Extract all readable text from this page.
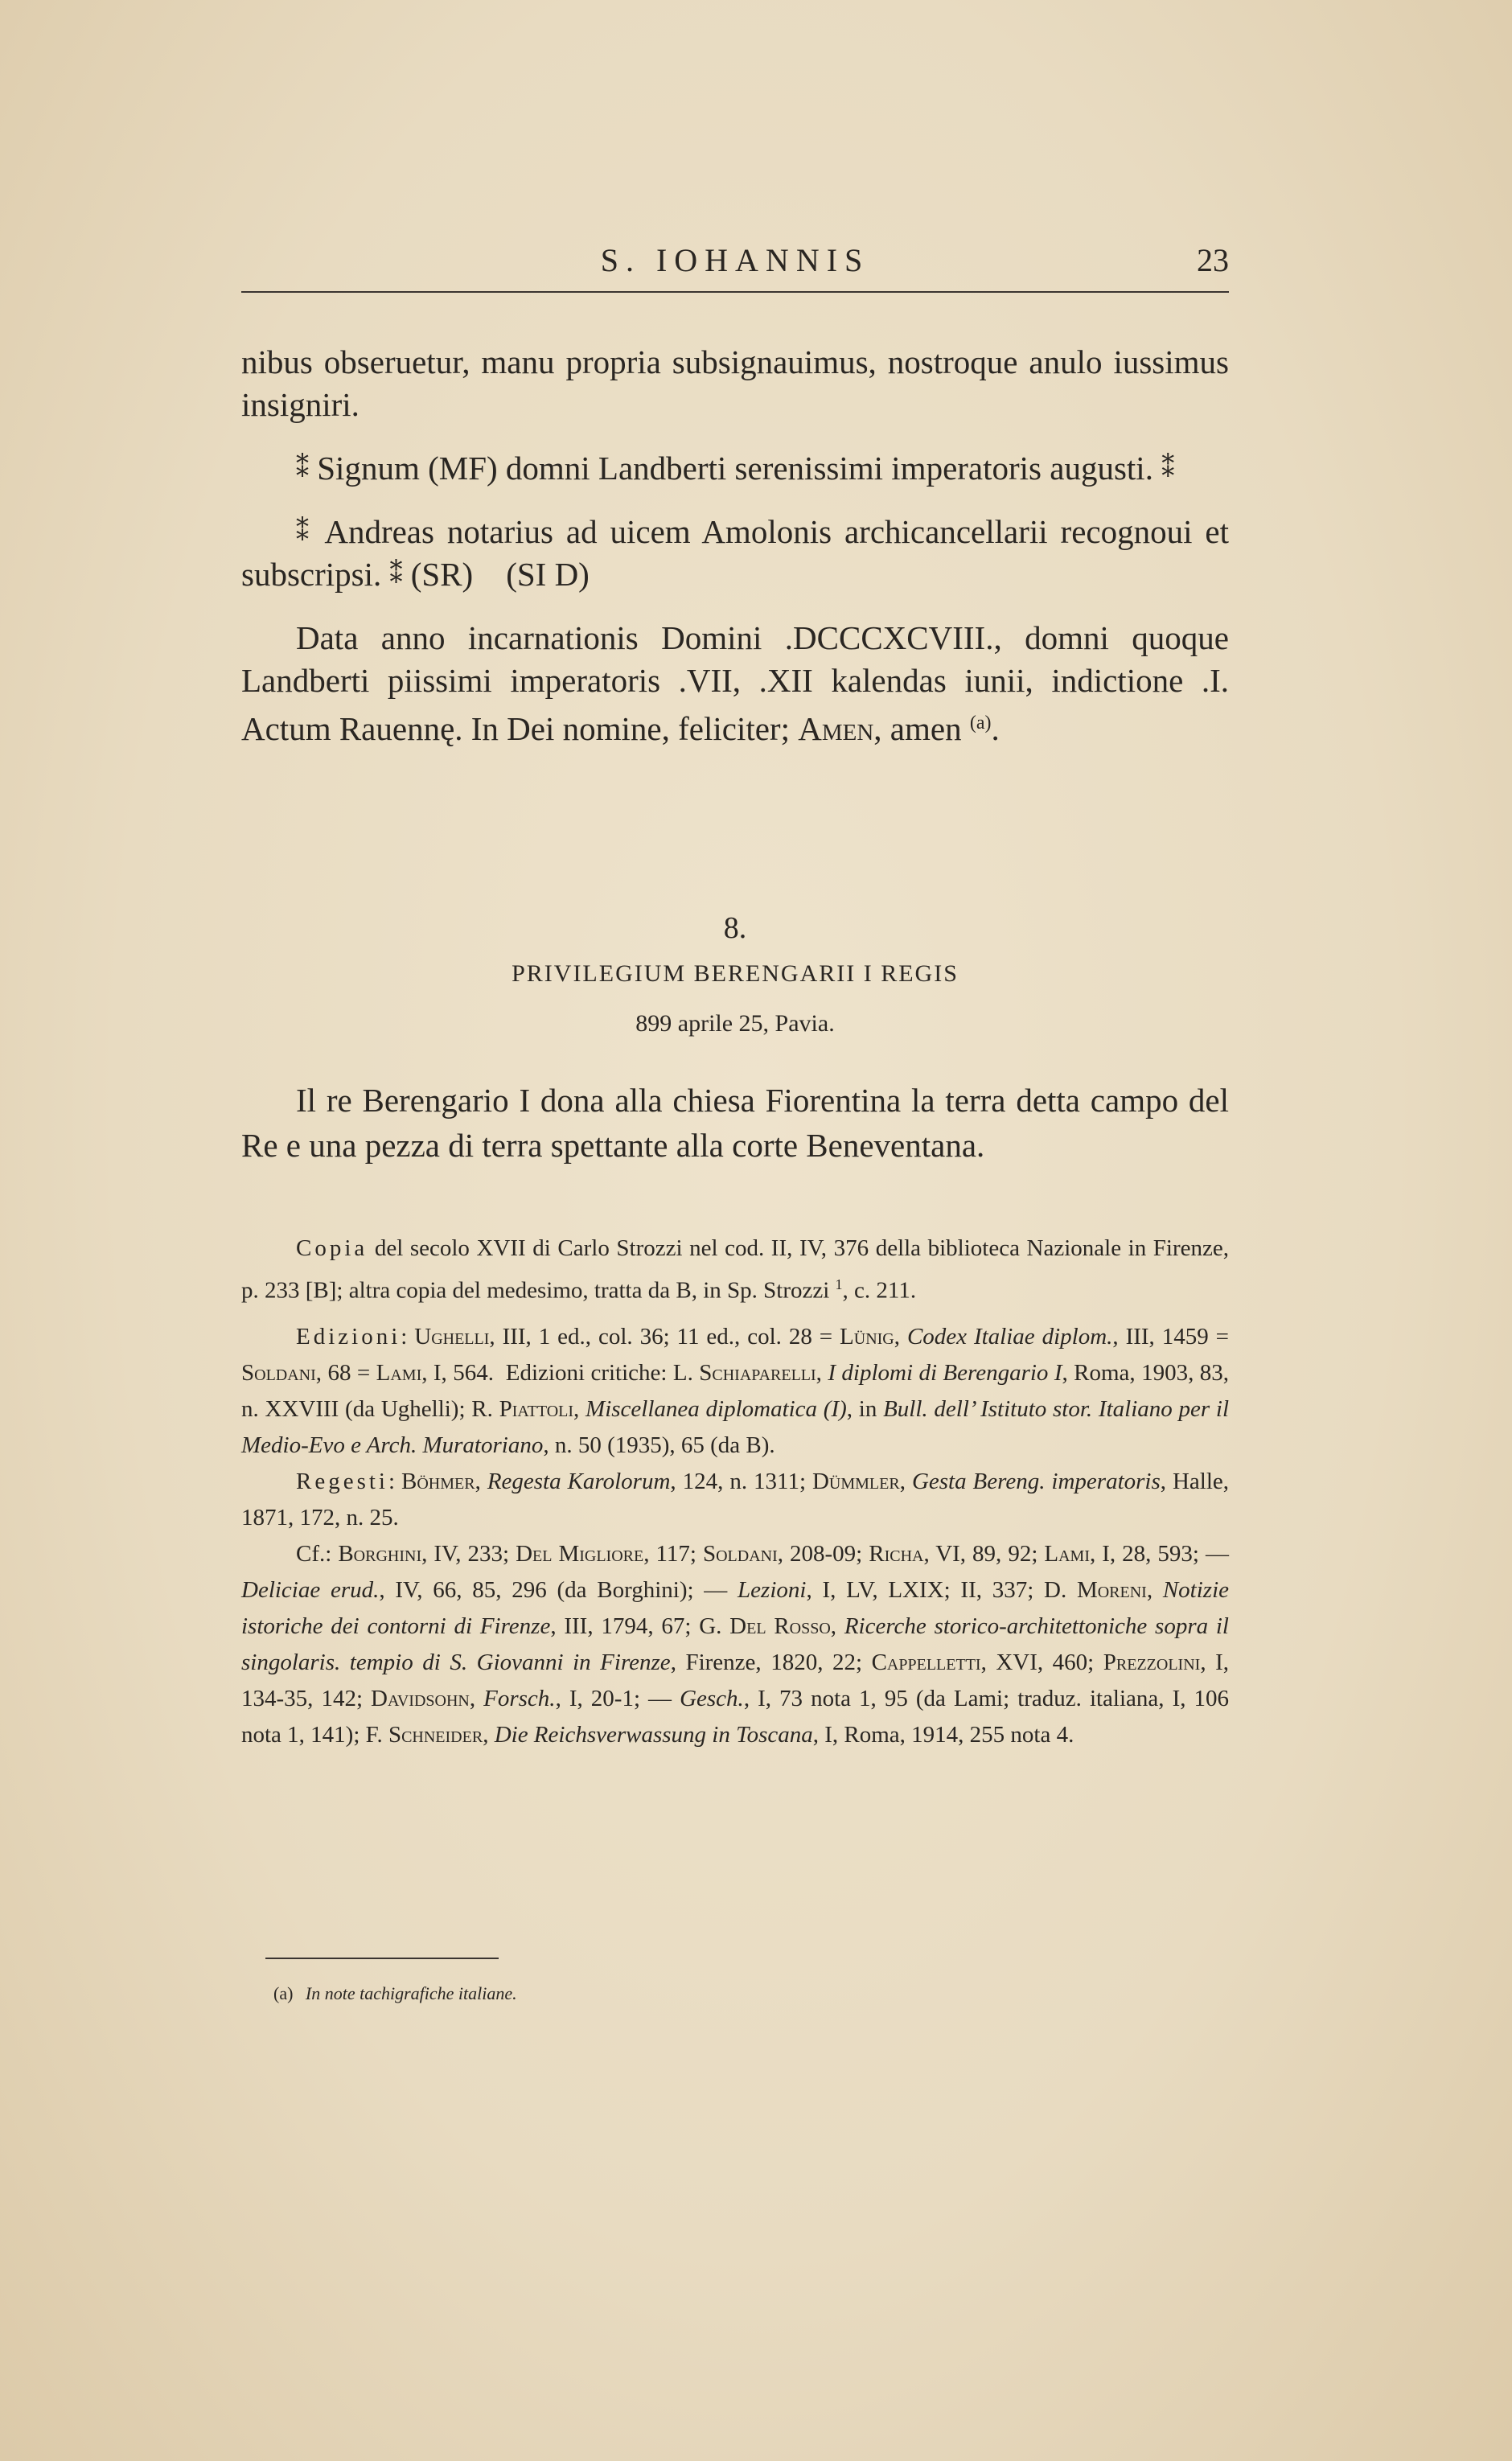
S. IOHANNIS	23

nibus obseruetur, manu propria subsignauimus, nostroque anulo iussimus insigniri.

⁑ Signum (MF) domni Landberti serenissimi imperatoris augusti. ⁑

⁑ Andreas notarius ad uicem Amolonis archicancellarii recognoui et subscripsi. ⁑ (SR)    (SI D)

Data anno incarnationis Domini .DCCCXCVIII., domni quoque Landberti piissimi imperatoris .VII, .XII kalendas iunii, indictione .I. Actum Rauennę. In Dei nomine, feliciter; Amen, amen $^{(a)}$.

8.

PRIVILEGIUM BERENGARII I REGIS

899 aprile 25, Pavia.

Il re Berengario I dona alla chiesa Fiorentina la terra detta campo del Re e una pezza di terra spettante alla corte Beneventana.

Copia del secolo XVII di Carlo Strozzi nel cod. II, IV, 376 della biblioteca Nazionale in Firenze, p. 233 [B]; altra copia del medesimo, tratta da B, in Sp. Strozzi $^1$, c. 211.

Edizioni: Ughelli, III, 1 ed., col. 36; 11 ed., col. 28 = Lünig, Codex Italiae diplom., III, 1459 = Soldani, 68 = Lami, I, 564.  Edizioni critiche: L. Schiaparelli, I diplomi di Berengario I, Roma, 1903, 83, n. XXVIII (da Ughelli); R. Piattoli, Miscellanea diplomatica (I), in Bull. dell’ Istituto stor. Italiano per il Medio-Evo e Arch. Muratoriano, n. 50 (1935), 65 (da B).

Regesti: Böhmer, Regesta Karolorum, 124, n. 1311; Dümmler, Gesta Bereng. imperatoris, Halle, 1871, 172, n. 25.

Cf.: Borghini, IV, 233; Del Migliore, 117; Soldani, 208-09; Richa, VI, 89, 92; Lami, I, 28, 593; — Deliciae erud., IV, 66, 85, 296 (da Borghini); — Lezioni, I, LV, LXIX; II, 337; D. Moreni, Notizie istoriche dei contorni di Firenze, III, 1794, 67; G. Del Rosso, Ricerche storico-architettoniche sopra il singolaris. tempio di S. Giovanni in Firenze, Firenze, 1820, 22; Cappelletti, XVI, 460; Prezzolini, I, 134-35, 142; Davidsohn, Forsch., I, 20-1; — Gesch., I, 73 nota 1, 95 (da Lami; traduz. italiana, I, 106 nota 1, 141); F. Schneider, Die Reichsverwassung in Toscana, I, Roma, 1914, 255 nota 4.

(a) In note tachigrafiche italiane.
